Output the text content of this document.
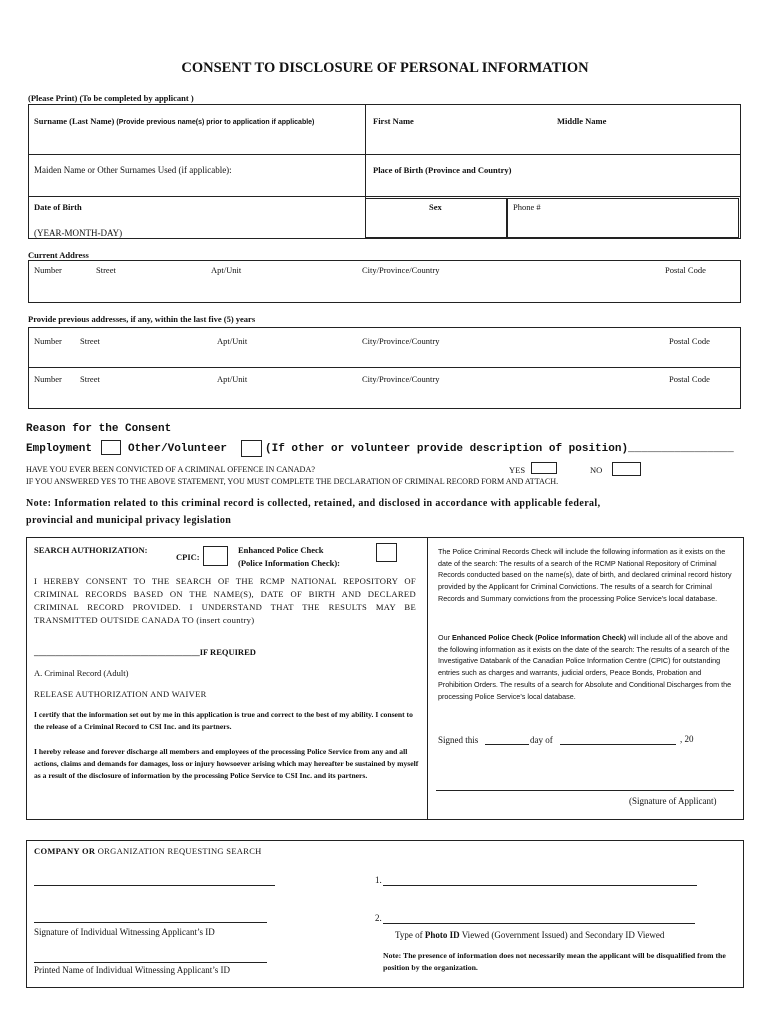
CONSENT TO DISCLOSURE OF PERSONAL INFORMATION
(Please Print) (To be completed by applicant )
Surname (Last Name) (Provide previous name(s) prior to application if applicable)	First Name	Middle Name
Maiden Name or Other Surnames Used (if applicable):	Place of Birth (Province and Country)
Date of Birth
(YEAR-MONTH-DAY)
Sex	Phone #
Current Address
Number	Street	Apt/Unit	City/Province/Country	Postal Code
Provide previous addresses, if any, within the last five (5) years
Number Street	Apt/Unit	City/Province/Country	Postal Code
Number Street	Apt/Unit	City/Province/Country	Postal Code
Reason for the Consent
Employment	Other/Volunteer	(If other or volunteer provide description of position)________________
HAVE YOU EVER BEEN CONVICTED OF A CRIMINAL OFFENCE IN CANADA?	YES	NO
IF YOU ANSWERED YES TO THE ABOVE STATEMENT, YOU MUST COMPLETE THE DECLARATION OF CRIMINAL RECORD FORM AND ATTACH.
Note: Information related to this criminal record is collected, retained, and disclosed in accordance with applicable federal,
provincial and municipal privacy legislation
SEARCH AUTHORIZATION:
CPIC:
Enhanced Police Check
(Police Information Check):
I HEREBY CONSENT TO THE SEARCH OF THE RCMP NATIONAL REPOSITORY OF CRIMINAL RECORDS BASED ON THE NAME(S), DATE OF BIRTH AND DECLARED CRIMINAL RECORD PROVIDED. I UNDERSTAND THAT THE RESULTS MAY BE TRANSMITTED OUTSIDE CANADA TO (insert country)
_______________________________________IF REQUIRED
A. Criminal Record (Adult)
RELEASE AUTHORIZATION AND WAIVER
I certify that the information set out by me in this application is true and correct to the best of my ability. I consent to the release of a Criminal Record to CSI Inc. and its partners.
I hereby release and forever discharge all members and employees of the processing Police Service from any and all actions, claims and demands for damages, loss or injury howsoever arising which may hereafter be sustained by myself as a result of the disclosure of information by the processing Police Service to CSI Inc. and its partners.
The Police Criminal Records Check will include the following information as it exists on the date of the search: The results of a search of the RCMP National Repository of Criminal Records conducted based on the name(s), date of birth, and declared criminal record history provided by the Applicant for Criminal Convictions. The results of a search for Criminal Records and Summary convictions from the processing Police Service’s local database.
Our Enhanced Police Check (Police Information Check) will include all of the above and the following information as it exists on the date of the search: The results of a search of the Investigative Databank of the Canadian Police Information Centre (CPIC) for outstanding entries such as charges and warrants, judicial orders, Peace Bonds, Probation and Prohibition Orders. The results of a search for Absolute and Conditional Discharges from the processing Police Service’s local database.
Signed this	day of	, 20
(Signature of Applicant)
COMPANY OR ORGANIZATION REQUESTING SEARCH
Signature of Individual Witnessing Applicant’s ID
Printed Name of Individual Witnessing Applicant’s ID
1.
2.
Type of Photo ID Viewed (Government Issued) and Secondary ID Viewed
Note: The presence of information does not necessarily mean the applicant will be disqualified from the position by the organization.
